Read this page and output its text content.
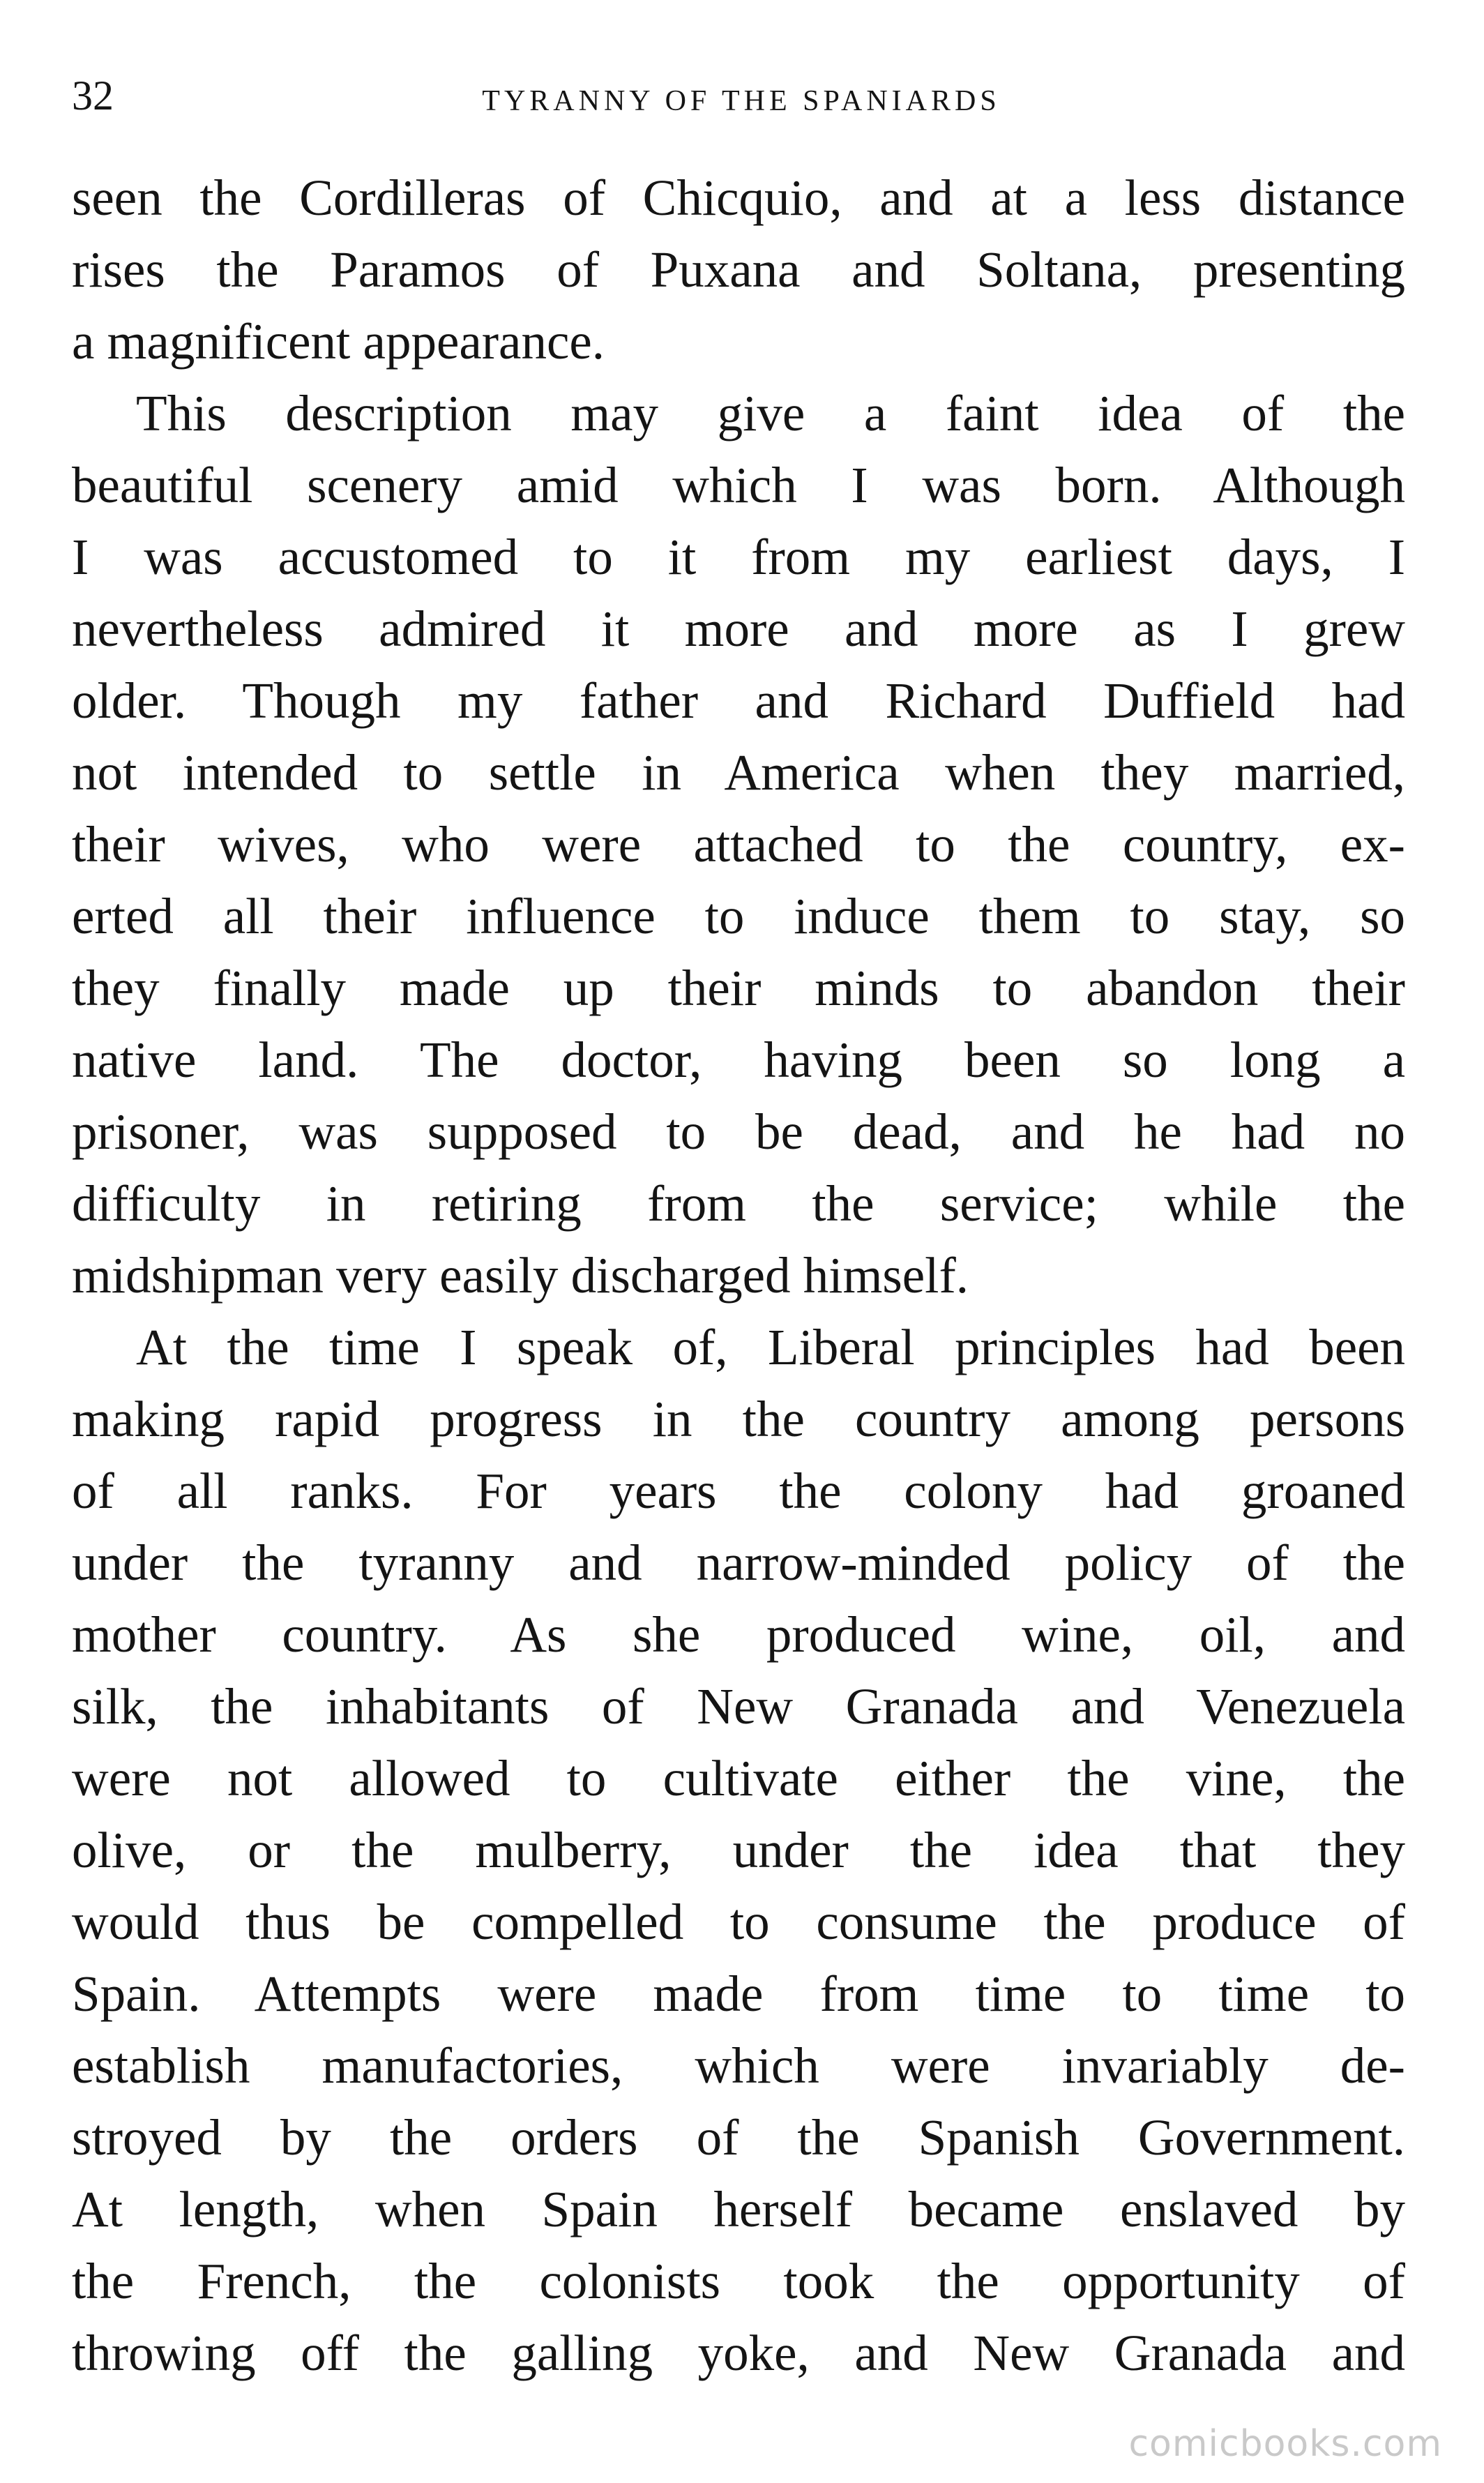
32	TYRANNY OF THE SPANIARDS
seen the Cordilleras of Chicquio, and at a less distance
rises the Paramos of Puxana and Soltana, presenting
a magnificent appearance.
This description may give a faint idea of the
beautiful scenery amid which I was born. Although
I was accustomed to it from my earliest days, I
nevertheless admired it more and more as I grew
older. Though my father and Richard Duffield had
not intended to settle in America when they married,
their wives, who were attached to the country, ex-
erted all their influence to induce them to stay, so
they finally made up their minds to abandon their
native land. The doctor, having been so long a
prisoner, was supposed to be dead, and he had no
difficulty in retiring from the service; while the
midshipman very easily discharged himself.
At the time I speak of, Liberal principles had been
making rapid progress in the country among persons
of all ranks. For years the colony had groaned
under the tyranny and narrow-minded policy of the
mother country. As she produced wine, oil, and
silk, the inhabitants of New Granada and Venezuela
were not allowed to cultivate either the vine, the
olive, or the mulberry, under the idea that they
would thus be compelled to consume the produce of
Spain. Attempts were made from time to time to
establish manufactories, which were invariably de-
stroyed by the orders of the Spanish Government.
At length, when Spain herself became enslaved by
the French, the colonists took the opportunity of
throwing off the galling yoke, and New Granada and
comicbooks.com
